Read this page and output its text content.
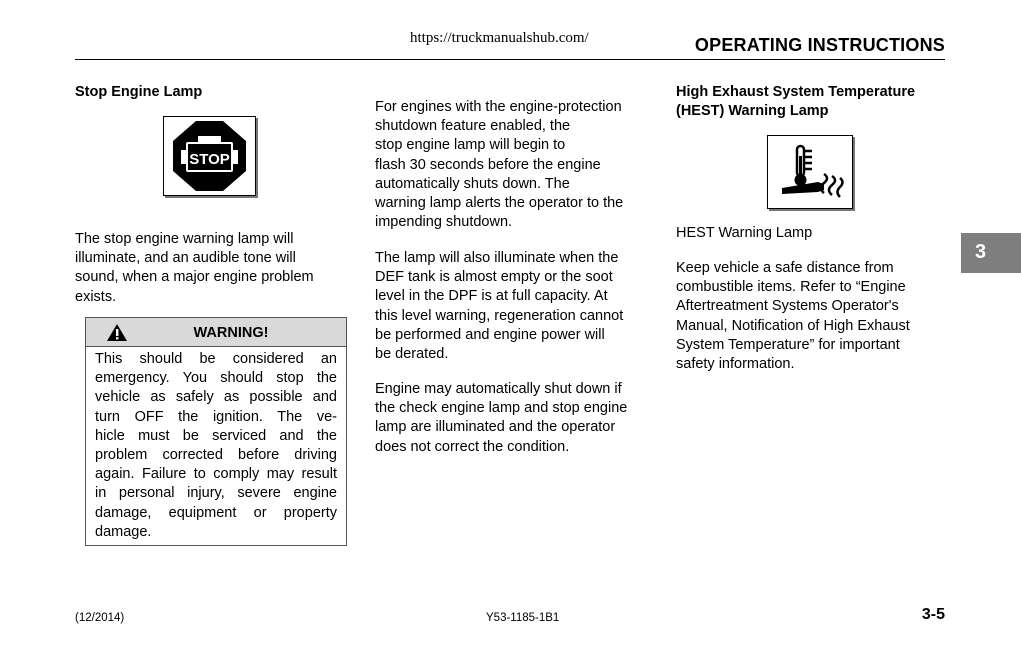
https://truckmanualshub.com/	OPERATING INSTRUCTIONS
Stop Engine Lamp
STOP
The stop engine warning lamp will
illuminate, and an audible tone will
sound, when a major engine problem
exists.
WARNING!
This should be considered an
emergency. You should stop the
vehicle as safely as possible and
turn OFF the ignition. The ve-
hicle must be serviced and the
problem corrected before driving
again. Failure to comply may result
in personal injury, severe engine
damage, equipment or property
damage.
For engines with the engine-protection
shutdown feature enabled, the
stop engine lamp will begin to
flash 30 seconds before the engine
automatically shuts down. The
warning lamp alerts the operator to the
impending shutdown.
The lamp will also illuminate when the
DEF tank is almost empty or the soot
level in the DPF is at full capacity. At
this level warning, regeneration cannot
be performed and engine power will
be derated.
Engine may automatically shut down if
the check engine lamp and stop engine
lamp are illuminated and the operator
does not correct the condition.
High Exhaust System Temperature
(HEST) Warning Lamp
HEST Warning Lamp
Keep vehicle a safe distance from
combustible items. Refer to “Engine
Aftertreatment Systems Operator's
Manual, Notification of High Exhaust
System Temperature” for important
safety information.
3
(12/2014)	Y53-1185-1B1	3-5
